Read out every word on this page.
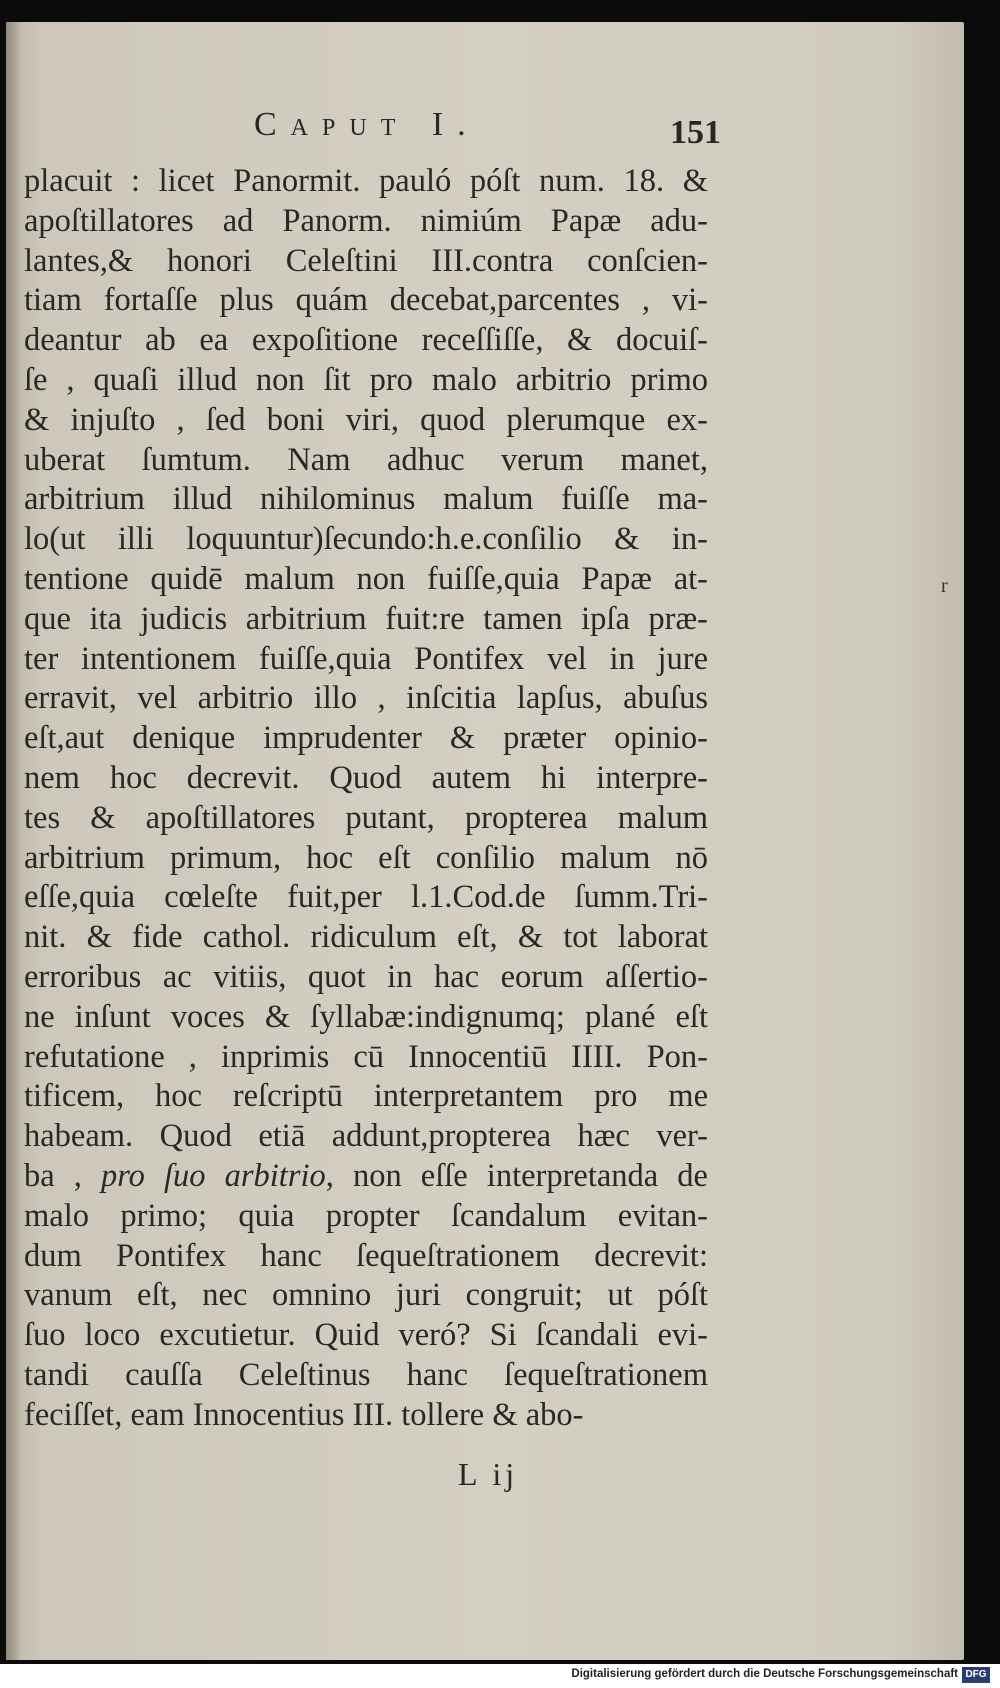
Caput I.	151
placuit : licet Panormit. pauló póſt num. 18. &
apoſtillatores ad Panorm. nimiúm Papæ adu-
lantes,& honori Celeſtini III.contra conſcien-
tiam fortaſſe plus quám decebat,parcentes , vi-
deantur ab ea expoſitione receſſiſſe, & docuiſ-
ſe , quaſi illud non ſit pro malo arbitrio primo
& injuſto , ſed boni viri, quod plerumque ex-
uberat ſumtum. Nam adhuc verum manet,
arbitrium illud nihilominus malum fuiſſe ma-
lo(ut illi loquuntur)ſecundo:h.e.conſilio & in-
tentione quidē malum non fuiſſe,quia Papæ at-
que ita judicis arbitrium fuit:re tamen ipſa præ-
ter intentionem fuiſſe,quia Pontifex vel in jure
erravit, vel arbitrio illo , inſcitia lapſus, abuſus
eſt,aut denique imprudenter & præter opinio-
nem hoc decrevit. Quod autem hi interpre-
tes & apoſtillatores putant, propterea malum
arbitrium primum, hoc eſt conſilio malum nō
eſſe,quia cœleſte fuit,per l.1.Cod.de ſumm.Tri-
nit. & fide cathol. ridiculum eſt, & tot laborat
erroribus ac vitiis, quot in hac eorum aſſertio-
ne inſunt voces & ſyllabæ:indignumq; plané eſt
refutatione , inprimis cū Innocentiū IIII. Pon-
tificem, hoc reſcriptū interpretantem pro me
habeam. Quod etiā addunt,propterea hæc ver-
ba , pro ſuo arbitrio, non eſſe interpretanda de
malo primo; quia propter ſcandalum evitan-
dum Pontifex hanc ſequeſtrationem decrevit:
vanum eſt, nec omnino juri congruit; ut póſt
ſuo loco excutietur. Quid veró? Si ſcandali evi-
tandi cauſſa Celeſtinus hanc ſequeſtrationem
feciſſet, eam Innocentius III. tollere & abo-
L ij
r
Digitalisierung gefördert durch die Deutsche Forschungsgemeinschaft DFG
